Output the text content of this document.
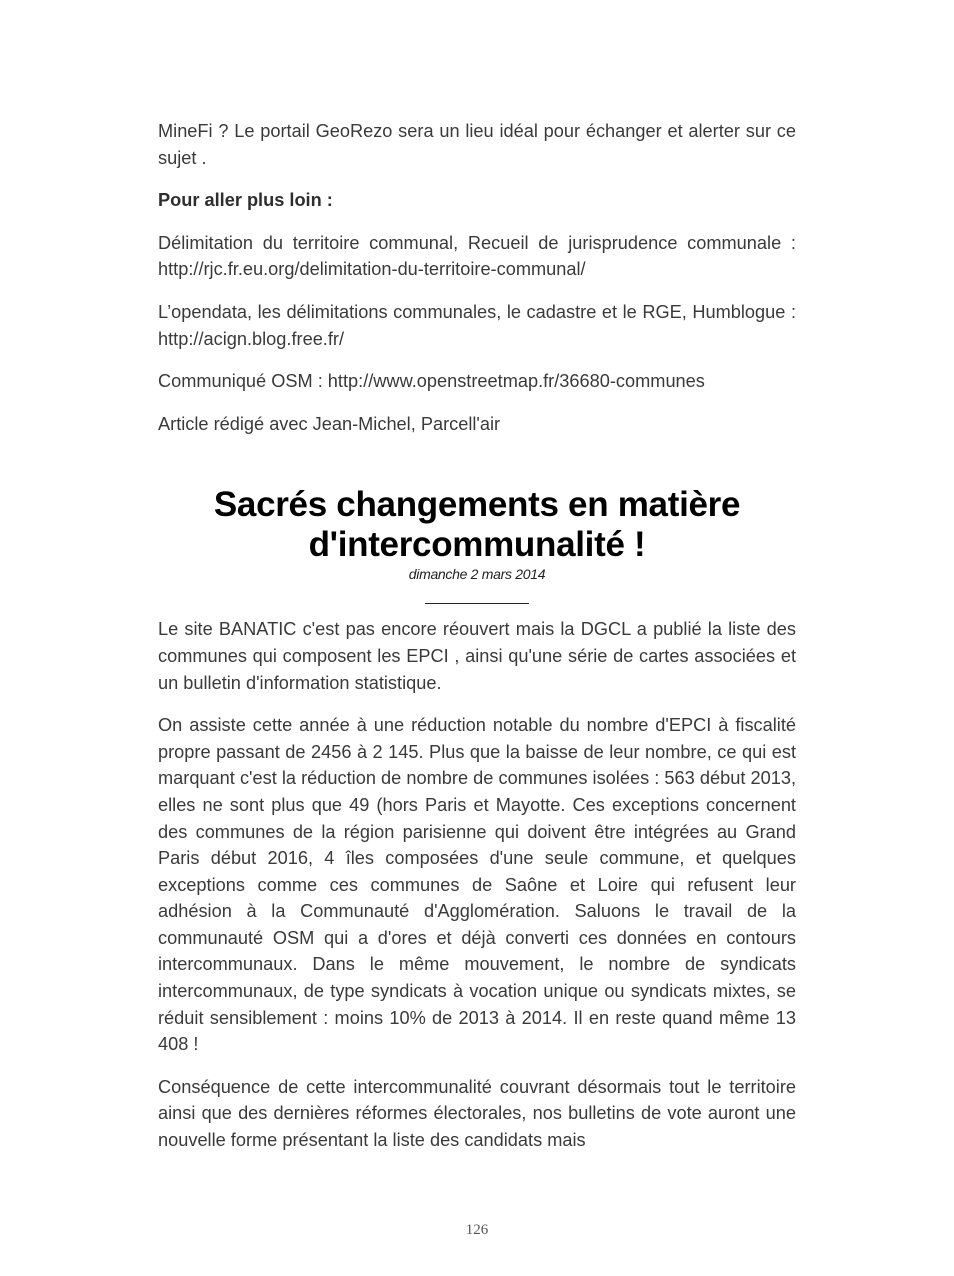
MineFi ? Le portail GeoRezo sera un lieu idéal pour échanger et alerter sur ce sujet .

Pour aller plus loin :

Délimitation du territoire communal, Recueil de jurisprudence communale : http://rjc.fr.eu.org/delimitation-du-territoire-communal/

L’opendata, les délimitations communales, le cadastre et le RGE, Humblogue : http://acign.blog.free.fr/

Communiqué OSM : http://www.openstreetmap.fr/36680-communes

Article rédigé avec Jean-Michel, Parcell'air

Sacrés changements en matière d'intercommunalité !
dimanche 2 mars 2014

Le site BANATIC c'est pas encore réouvert mais la DGCL a publié la liste des communes qui composent les EPCI , ainsi qu'une série de cartes associées et un bulletin d'information statistique.

On assiste cette année à une réduction notable du nombre d'EPCI à fiscalité propre passant de 2456 à 2 145. Plus que la baisse de leur nombre, ce qui est marquant c'est la réduction de nombre de communes isolées : 563 début 2013, elles ne sont plus que 49 (hors Paris et Mayotte. Ces exceptions concernent des communes de la région parisienne qui doivent être intégrées au Grand Paris début 2016, 4 îles composées d'une seule commune, et quelques exceptions comme ces communes de Saône et Loire qui refusent leur adhésion à la Communauté d'Agglomération. Saluons le travail de la communauté OSM qui a d'ores et déjà converti ces données en contours intercommunaux. Dans le même mouvement, le nombre de syndicats intercommunaux, de type syndicats à vocation unique ou syndicats mixtes, se réduit sensiblement : moins 10% de 2013 à 2014. Il en reste quand même 13 408 !

Conséquence de cette intercommunalité couvrant désormais tout le territoire ainsi que des dernières réformes électorales, nos bulletins de vote auront une nouvelle forme présentant la liste des candidats mais

126
